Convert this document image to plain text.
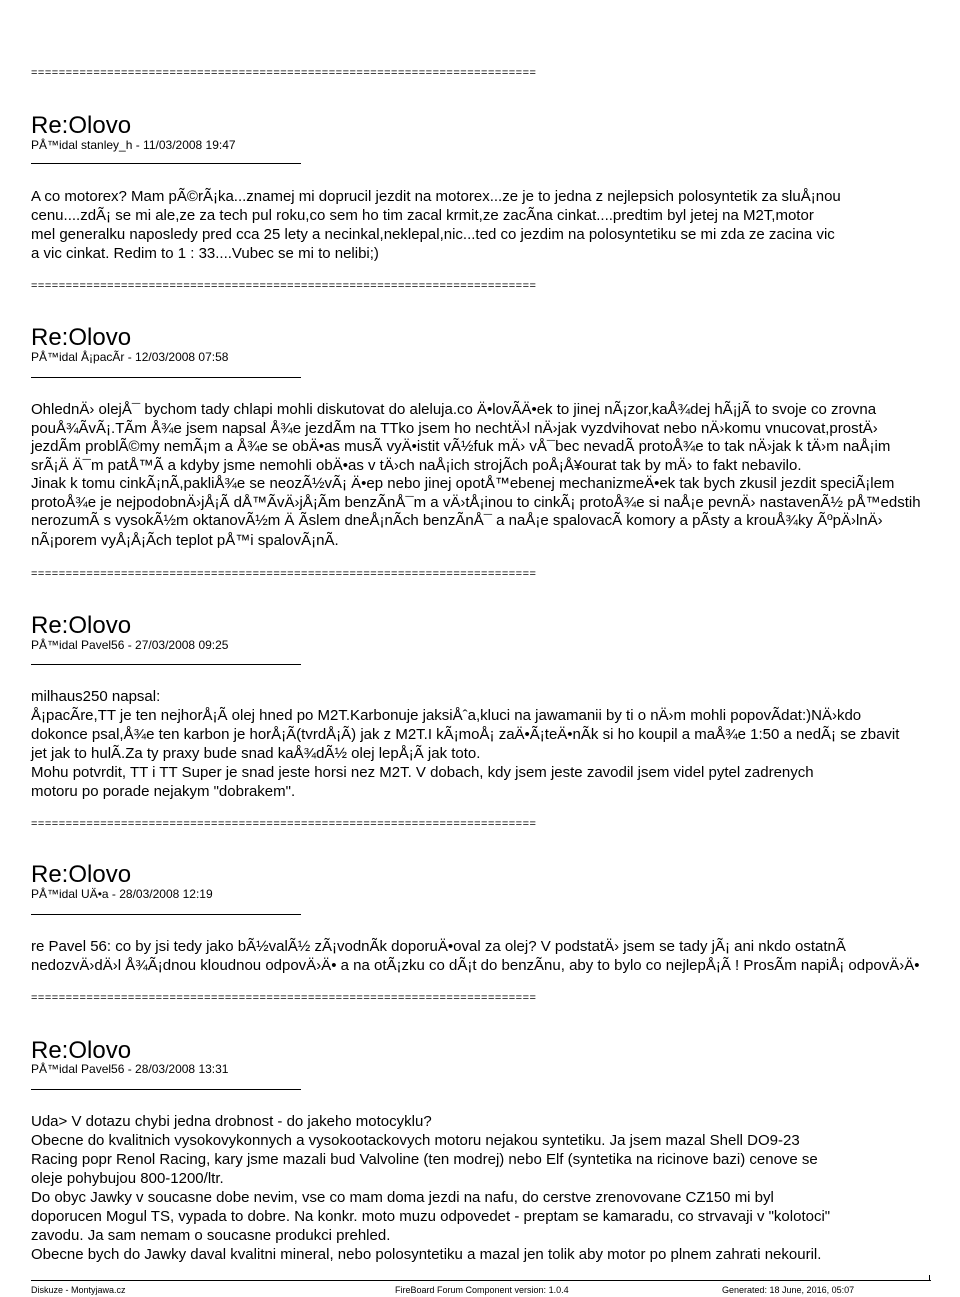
=========================================================================
Re:Olovo
PÅ™idal stanley_h - 11/03/2008 19:47
A co motorex? Mam pÃ©rÃ¡ka...znamej mi doprucil jezdit na motorex...ze je to jedna z nejlepsich polosyntetik za sluÅ¡nou
cenu....zdÃ¡ se mi ale,ze za tech pul roku,co sem ho tim zacal krmit,ze zacÃna cinkat....predtim byl jetej na M2T,motor
mel generalku naposledy pred cca 25 lety a necinkal,neklepal,nic...ted co jezdim na polosyntetiku se mi zda ze zacina vic
a vic cinkat. Redim to 1 : 33....Vubec se mi to nelibi;)
=========================================================================
Re:Olovo
PÅ™idal Å¡pacÃr - 12/03/2008 07:58
OhlednÄ› olejÅ¯ bychom tady chlapi mohli diskutovat do aleluja.co Ä•lovÃÄ•ek to jinej nÃ¡zor,kaÅ¾dej hÃ¡jÃ to svoje co zrovna
pouÅ¾ÃvÃ¡.TÃm Å¾e jsem napsal Å¾e jezdÃm na TTko jsem ho nechtÄ›l nÄ›jak vyzdvihovat nebo nÄ›komu vnucovat,prostÄ›
jezdÃm problÃ©my nemÃ¡m a Å¾e se obÄ•as musÃ vyÄ•istit vÃ½fuk mÄ› vÅ¯bec nevadÃ protoÅ¾e to tak nÄ›jak k tÄ›m naÅ¡im
srÃ¡Ä Ä¯m patÅ™Ã a kdyby jsme nemohli obÄ•as v tÄ›ch naÅ¡ich strojÃch poÅ¡Å¥ourat tak by mÄ› to fakt nebavilo.
Jinak k tomu cinkÃ¡nÃ,pakliÅ¾e se neozÃ½vÃ¡ Ä•ep nebo jinej opotÅ™ebenej mechanizmeÄ•ek tak bych zkusil jezdit speciÃ¡lem
protoÅ¾e je nejpodobnÄ›jÅ¡Ã dÅ™ÃvÄ›jÅ¡Ãm benzÃnÅ¯m a vÄ›tÅ¡inou to cinkÃ¡ protoÅ¾e si naÅ¡e pevnÄ› nastavenÃ½ pÅ™edstih
nerozumÃ s vysokÃ½m oktanovÃ½m Ä Ãslem dneÅ¡nÃch benzÃnÅ¯ a naÅ¡e spalovacÃ komory a pÃsty a krouÅ¾ky ÃºpÄ›lnÄ›
nÃ¡porem vyÅ¡Å¡Ãch teplot pÅ™i spalovÃ¡nÃ.
=========================================================================
Re:Olovo
PÅ™idal Pavel56 - 27/03/2008 09:25
milhaus250 napsal:
Å¡pacÃre,TT je ten nejhorÅ¡Ã olej hned po M2T.Karbonuje jaksiÅˆa,kluci na jawamanii by ti o nÄ›m mohli popovÃdat:)NÄ›kdo
dokonce psal,Å¾e ten karbon je horÅ¡Ã(tvrdÅ¡Ã) jak z M2T.I kÃ¡moÅ¡ zaÄ•Ã¡teÄ•nÃk si ho koupil a maÅ¾e 1:50 a nedÃ¡ se zbavit
jet jak to hulÃ.Za ty praxy bude snad kaÅ¾dÃ½ olej lepÅ¡Ã jak toto.
Mohu potvrdit, TT i TT Super je snad jeste horsi nez M2T. V dobach, kdy jsem jeste zavodil jsem videl pytel zadrenych
motoru po porade nejakym "dobrakem".
=========================================================================
Re:Olovo
PÅ™idal UÄ•a - 28/03/2008 12:19
re Pavel 56: co by jsi tedy jako bÃ½valÃ½ zÃ¡vodnÃk doporuÄ•oval za olej? V podstatÄ› jsem se tady jÃ¡ ani nkdo ostatnÃ
nedozvÄ›dÄ›l Å¾Ã¡dnou kloudnou odpovÄ›Ä• a na otÃ¡zku co dÃ¡t do benzÃnu, aby to bylo co nejlepÅ¡Ã ! ProsÃm napiÅ¡ odpovÄ›Ä•
=========================================================================
Re:Olovo
PÅ™idal Pavel56 - 28/03/2008 13:31
Uda> V dotazu chybi jedna drobnost - do jakeho motocyklu?
Obecne do kvalitnich vysokovykonnych a vysokootackovych motoru nejakou syntetiku. Ja jsem mazal Shell DO9-23
Racing popr Renol Racing, kary jsme mazali bud Valvoline (ten modrej) nebo Elf (syntetika na ricinove bazi) cenove se
oleje pohybujou 800-1200/ltr.
Do obyc Jawky v soucasne dobe nevim, vse co mam doma jezdi na nafu, do cerstve zrenovovane CZ150 mi byl
doporucen Mogul TS, vypada to dobre. Na konkr. moto muzu odpovedet - preptam se kamaradu, co strvavaji v "kolotoci"
zavodu. Ja sam nemam o soucasne produkci prehled.
Obecne bych do Jawky daval kvalitni mineral, nebo polosyntetiku a mazal jen tolik aby motor po plnem zahrati nekouril.
Diskuze - Montyjawa.cz	FireBoard Forum Component version: 1.0.4	Generated: 18 June, 2016, 05:07
